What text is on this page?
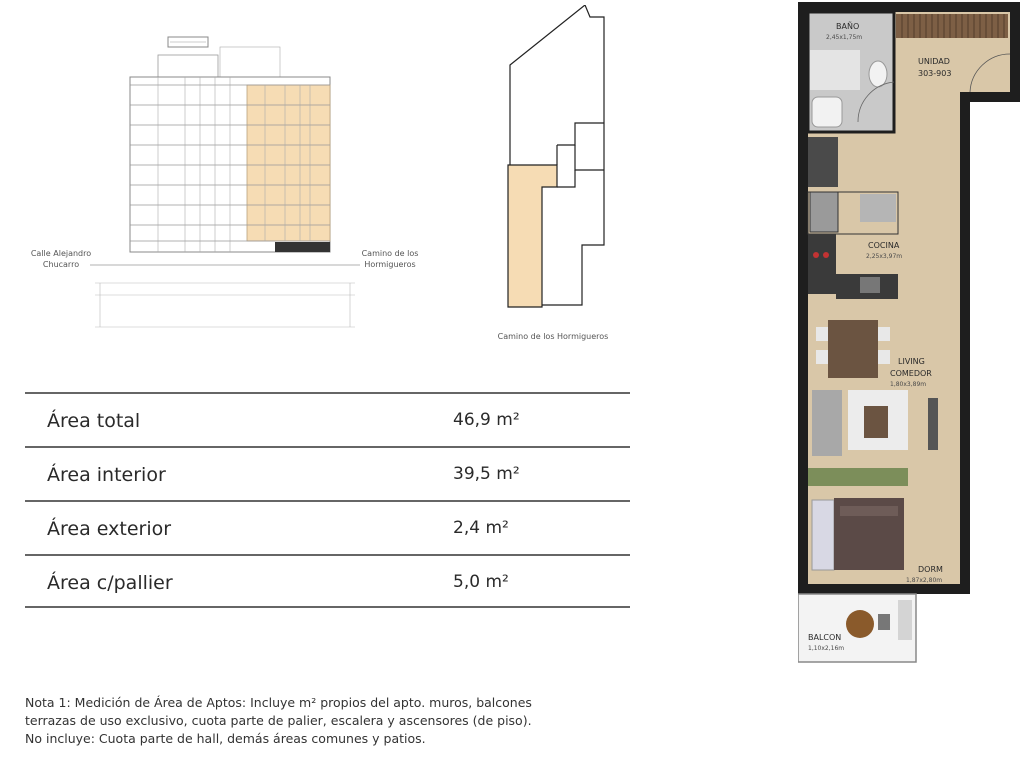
Calle Alejandro
Chucarro
Camino de los
Hormigueros
Camino de los Hormigueros
Área total	46,9 m²
Área interior	39,5 m²
Área exterior	2,4 m²
Área c/pallier	5,0 m²

Nota 1: Medición de Área de Aptos: Incluye m² propios del apto. muros, balcones

terrazas de uso exclusivo, cuota parte de palier, escalera y ascensores (de piso).

No incluye: Cuota parte de hall, demás áreas comunes y patios.

BAÑO
2,45x1,75m
UNIDAD
303-903
COCINA
2,25x3,97m
LIVING
COMEDOR
1,80x3,89m
DORM
1,87x2,80m
BALCON
1,10x2,16m
